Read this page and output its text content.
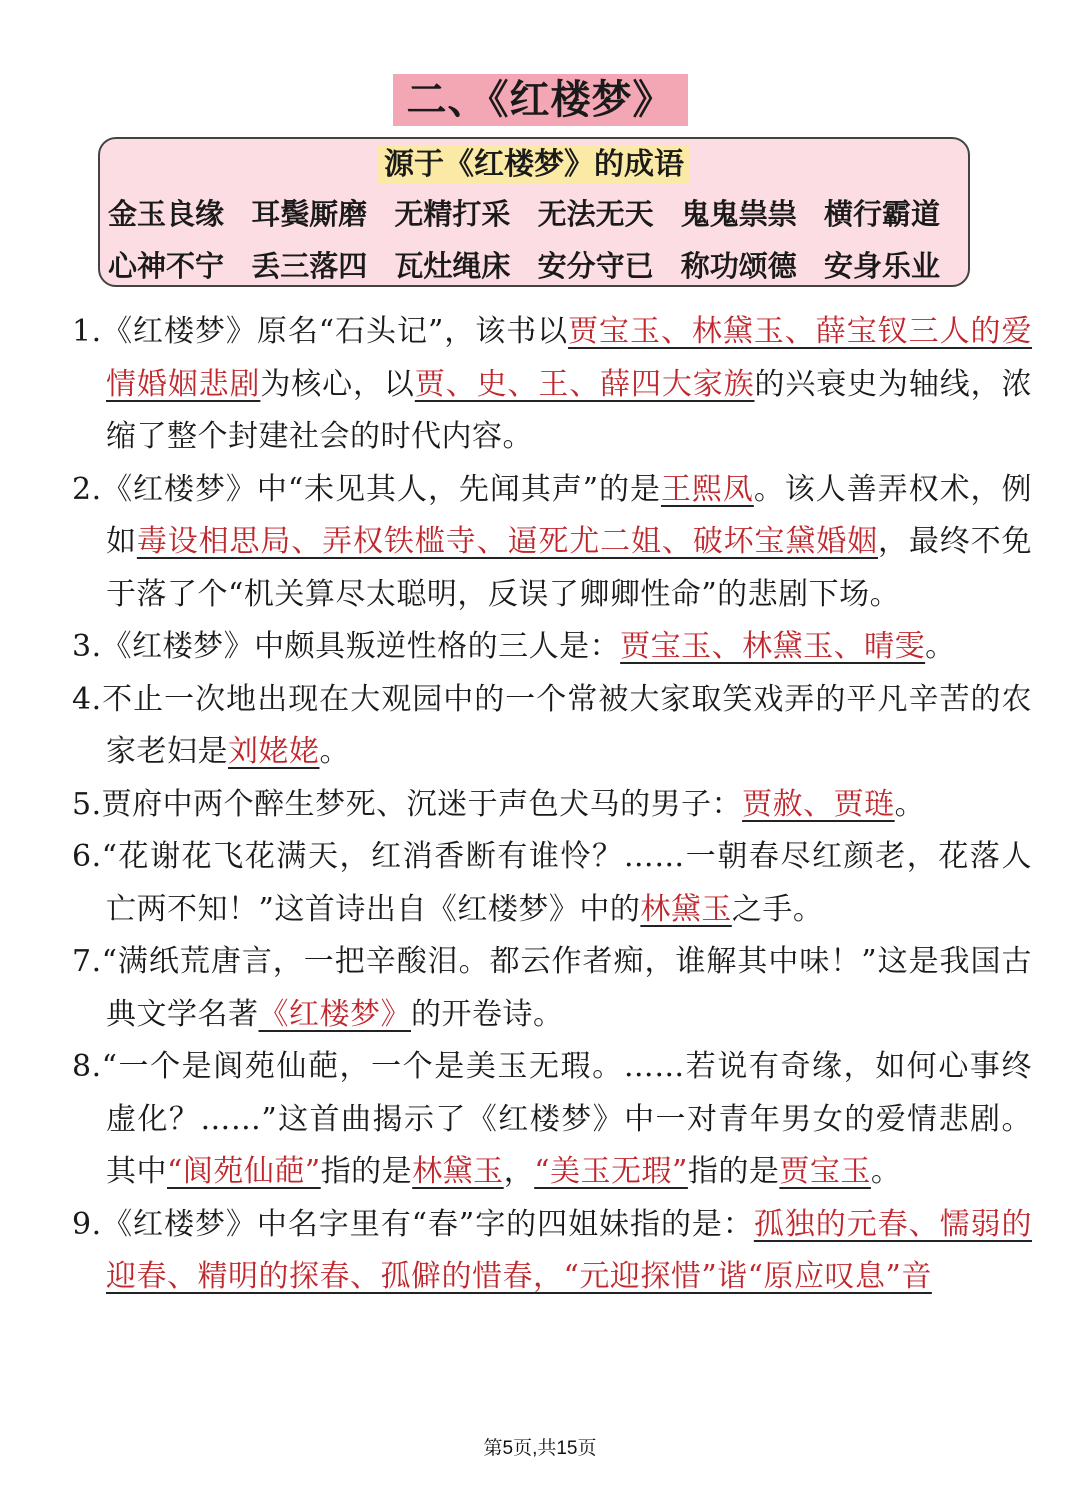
二、《红楼梦》
源于《红楼梦》的成语
金玉良缘 耳鬓厮磨 无精打采 无法无天 鬼鬼祟祟 横行霸道
心神不宁 丢三落四 瓦灶绳床 安分守已 称功颂德 安身乐业
1.《红楼梦》原名“石头记”，该书以贾宝玉、林黛玉、薛宝钗三人的爱情婚姻悲剧为核心，以贾、史、王、薛四大家族的兴衰史为轴线，浓缩了整个封建社会的时代内容。
2.《红楼梦》中“未见其人，先闻其声”的是王熙凤。该人善弄权术，例如毒设相思局、弄权铁槛寺、逼死尤二姐、破坏宝黛婚姻，最终不免于落了个“机关算尽太聪明，反误了卿卿性命”的悲剧下场。
3.《红楼梦》中颇具叛逆性格的三人是：贾宝玉、林黛玉、晴雯。
4.不止一次地出现在大观园中的一个常被大家取笑戏弄的平凡辛苦的农家老妇是刘姥姥。
5.贾府中两个醉生梦死、沉迷于声色犬马的男子：贾赦、贾琏。
6.“花谢花飞花满天，红消香断有谁怜？……一朝春尽红颜老，花落人亡两不知！”这首诗出自《红楼梦》中的林黛玉之手。
7.“满纸荒唐言，一把辛酸泪。都云作者痴，谁解其中味！”这是我国古典文学名著《红楼梦》的开卷诗。
8.“一个是阆苑仙葩，一个是美玉无瑕。……若说有奇缘，如何心事终虚化？……”这首曲揭示了《红楼梦》中一对青年男女的爱情悲剧。其中“阆苑仙葩”指的是林黛玉，“美玉无瑕”指的是贾宝玉。
9.《红楼梦》中名字里有“春”字的四姐妹指的是：孤独的元春、懦弱的迎春、精明的探春、孤僻的惜春，“元迎探惜”谐“原应叹息”音
第5页,共15页
